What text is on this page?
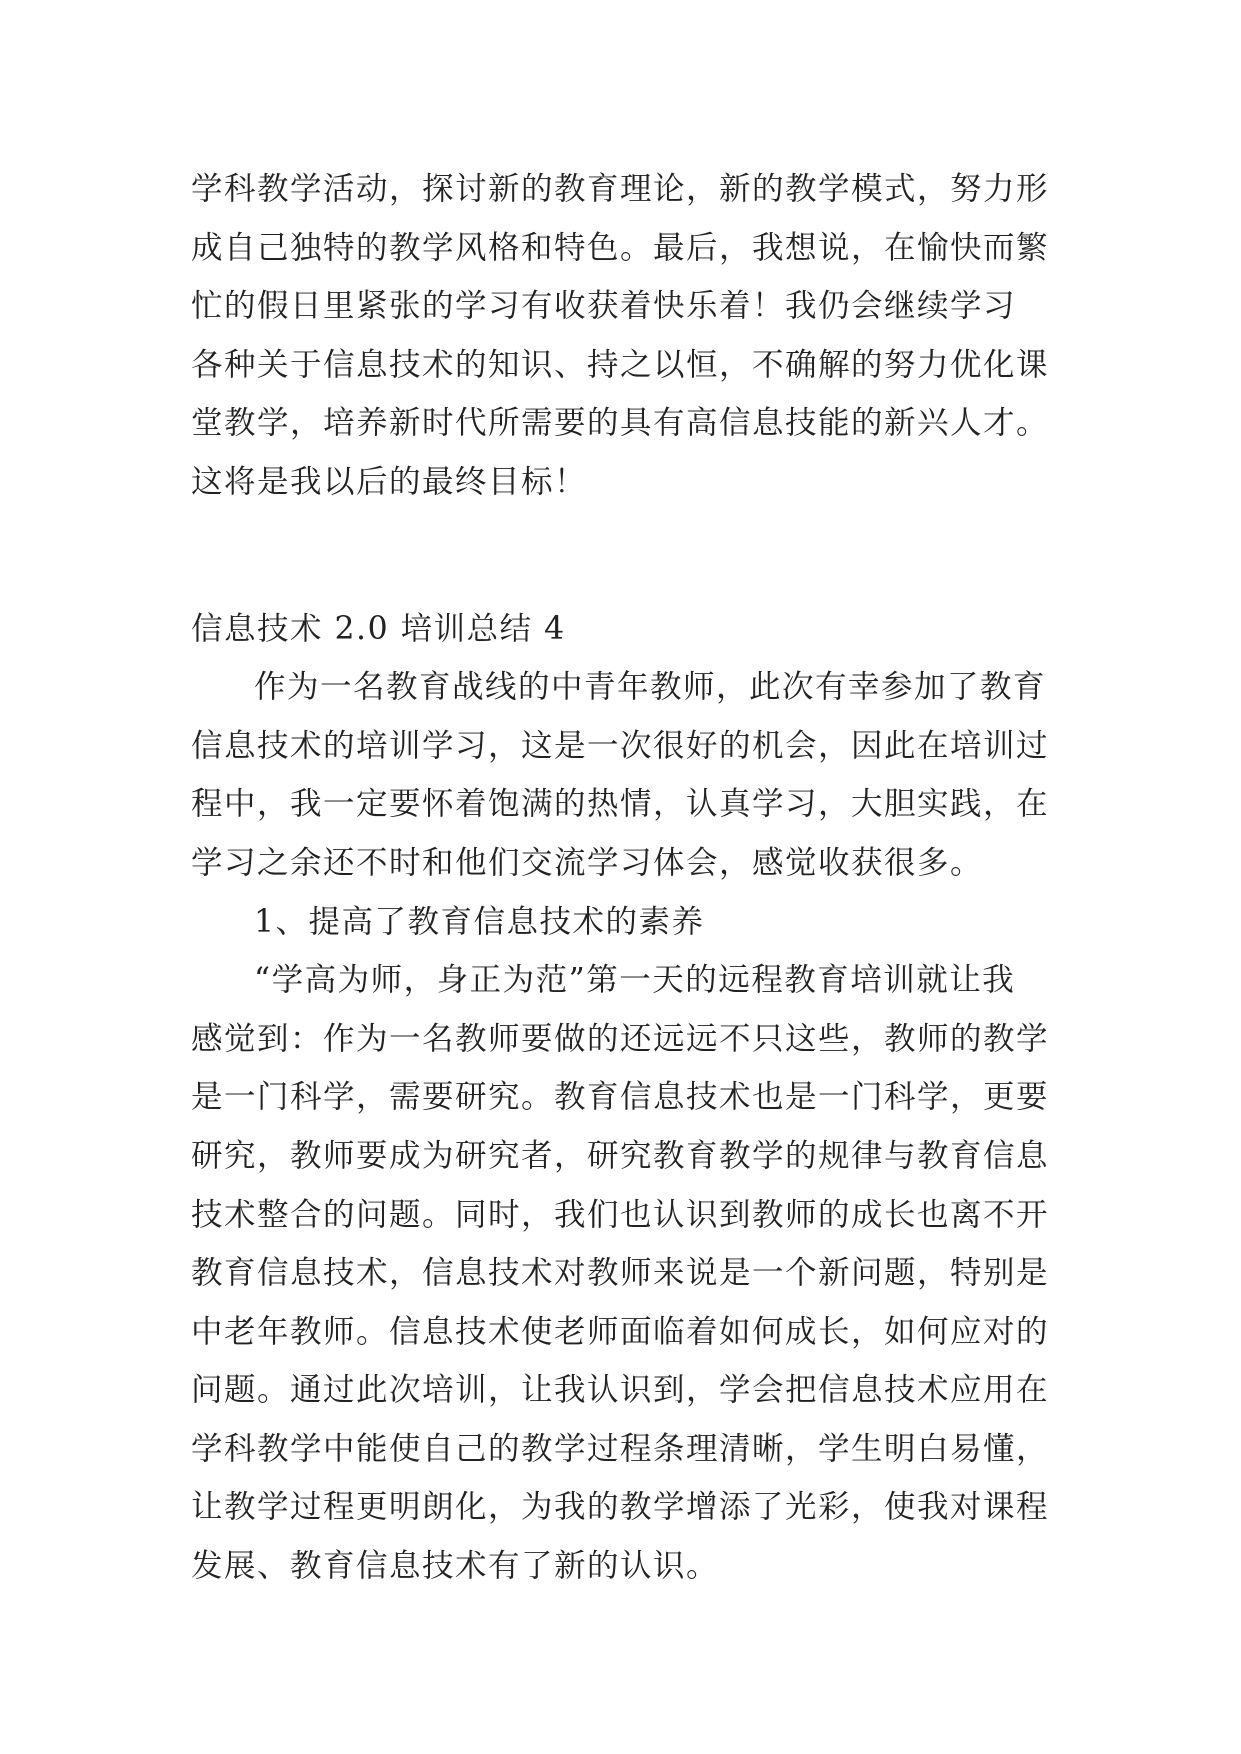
学科教学活动，探讨新的教育理论，新的教学模式，努力形
成自己独特的教学风格和特色。最后，我想说，在愉快而繁
忙的假日里紧张的学习有收获着快乐着！我仍会继续学习
各种关于信息技术的知识、持之以恒，不确解的努力优化课
堂教学，培养新时代所需要的具有高信息技能的新兴人才。
这将是我以后的最终目标！
信息技术 2.0 培训总结 4
作为一名教育战线的中青年教师，此次有幸参加了教育
信息技术的培训学习，这是一次很好的机会，因此在培训过
程中，我一定要怀着饱满的热情，认真学习，大胆实践，在
学习之余还不时和他们交流学习体会，感觉收获很多。
1、提高了教育信息技术的素养
“学高为师，身正为范”第一天的远程教育培训就让我
感觉到：作为一名教师要做的还远远不只这些，教师的教学
是一门科学，需要研究。教育信息技术也是一门科学，更要
研究，教师要成为研究者，研究教育教学的规律与教育信息
技术整合的问题。同时，我们也认识到教师的成长也离不开
教育信息技术，信息技术对教师来说是一个新问题，特别是
中老年教师。信息技术使老师面临着如何成长，如何应对的
问题。通过此次培训，让我认识到，学会把信息技术应用在
学科教学中能使自己的教学过程条理清晰，学生明白易懂，
让教学过程更明朗化，为我的教学增添了光彩，使我对课程
发展、教育信息技术有了新的认识。
